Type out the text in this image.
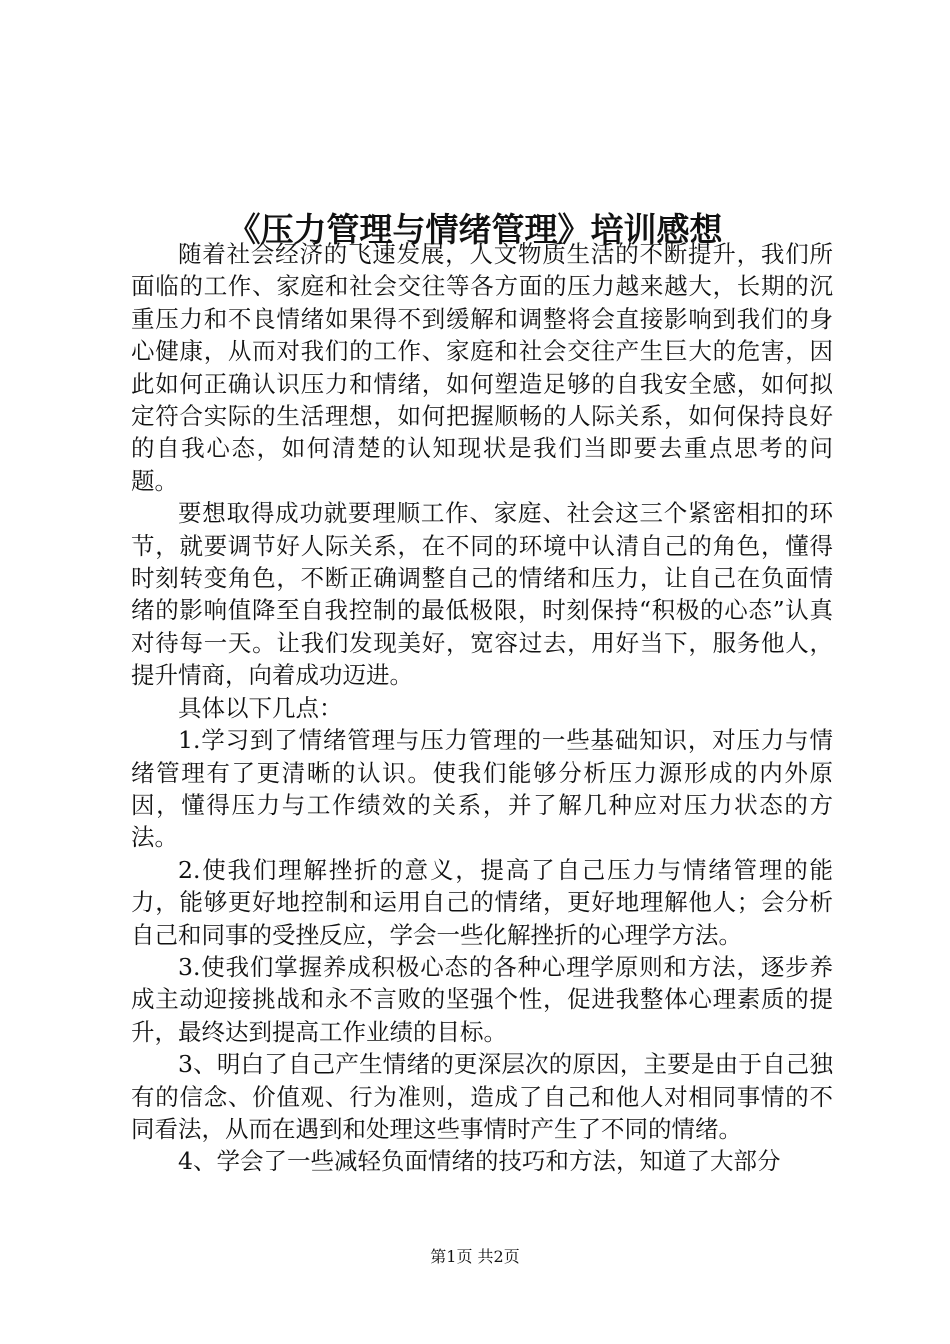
《压力管理与情绪管理》培训感想

随着社会经济的飞速发展，人文物质生活的不断提升，我们所面临的工作、家庭和社会交往等各方面的压力越来越大，长期的沉重压力和不良情绪如果得不到缓解和调整将会直接影响到我们的身心健康，从而对我们的工作、家庭和社会交往产生巨大的危害，因此如何正确认识压力和情绪，如何塑造足够的自我安全感，如何拟定符合实际的生活理想，如何把握顺畅的人际关系，如何保持良好的自我心态，如何清楚的认知现状是我们当即要去重点思考的问题。

要想取得成功就要理顺工作、家庭、社会这三个紧密相扣的环节，就要调节好人际关系，在不同的环境中认清自己的角色，懂得时刻转变角色，不断正确调整自己的情绪和压力，让自己在负面情绪的影响值降至自我控制的最低极限，时刻保持“积极的心态”认真对待每一天。让我们发现美好，宽容过去，用好当下，服务他人，提升情商，向着成功迈进。

具体以下几点：

1.学习到了情绪管理与压力管理的一些基础知识，对压力与情绪管理有了更清晰的认识。使我们能够分析压力源形成的内外原因，懂得压力与工作绩效的关系，并了解几种应对压力状态的方法。

2.使我们理解挫折的意义，提高了自己压力与情绪管理的能力，能够更好地控制和运用自己的情绪，更好地理解他人；会分析自己和同事的受挫反应，学会一些化解挫折的心理学方法。

3.使我们掌握养成积极心态的各种心理学原则和方法，逐步养成主动迎接挑战和永不言败的坚强个性，促进我整体心理素质的提升，最终达到提高工作业绩的目标。

3、明白了自己产生情绪的更深层次的原因，主要是由于自己独有的信念、价值观、行为准则，造成了自己和他人对相同事情的不同看法，从而在遇到和处理这些事情时产生了不同的情绪。

4、学会了一些减轻负面情绪的技巧和方法，知道了大部分

第1页 共2页
